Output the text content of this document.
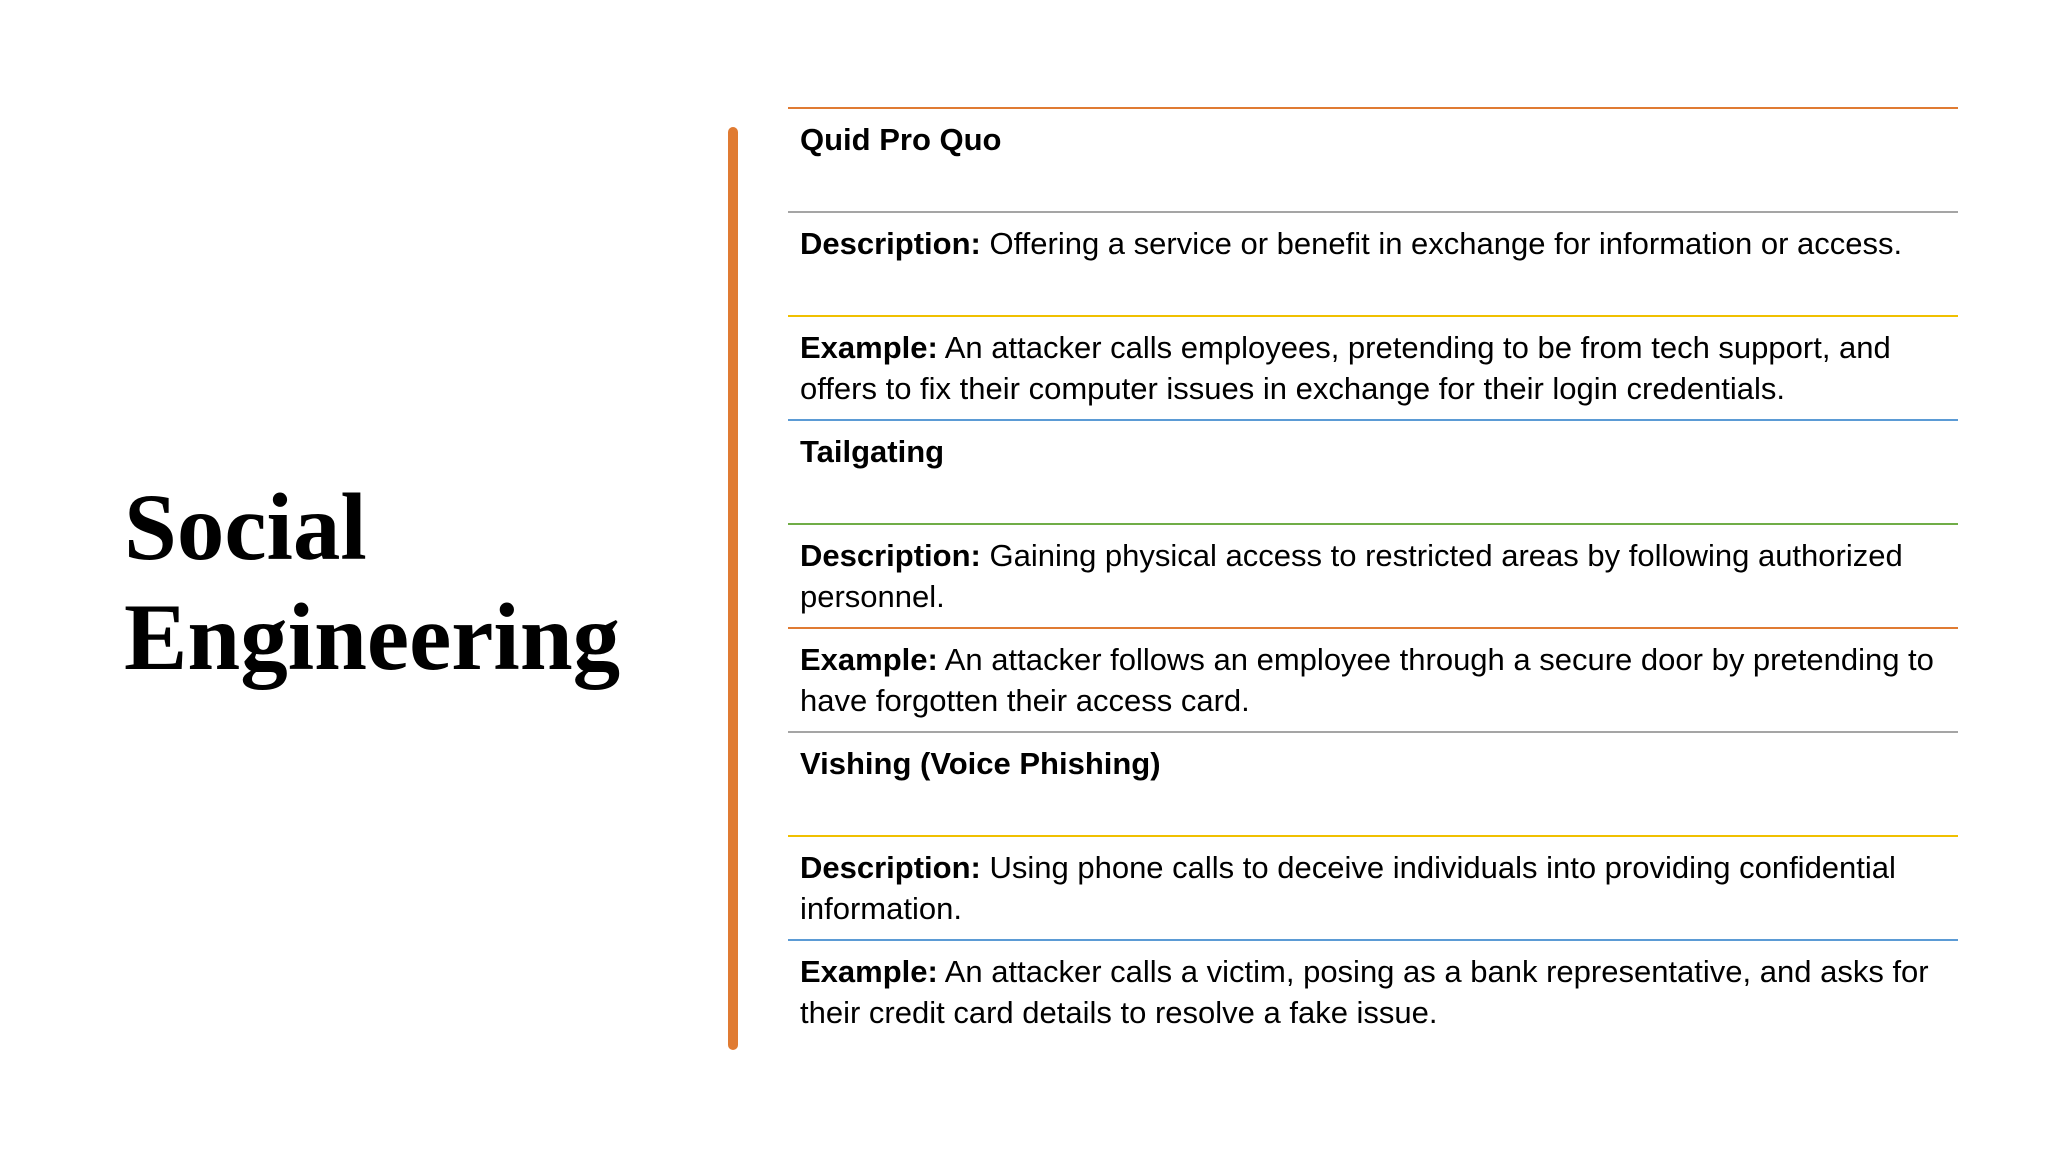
Social
Engineering
Quid Pro Quo
Description: Offering a service or benefit in exchange for information or access.
Example: An attacker calls employees, pretending to be from tech support, and offers to fix their computer issues in exchange for their login credentials.
Tailgating
Description: Gaining physical access to restricted areas by following authorized personnel.
Example: An attacker follows an employee through a secure door by pretending to have forgotten their access card.
Vishing (Voice Phishing)
Description: Using phone calls to deceive individuals into providing confidential information.
Example: An attacker calls a victim, posing as a bank representative, and asks for their credit card details to resolve a fake issue.
